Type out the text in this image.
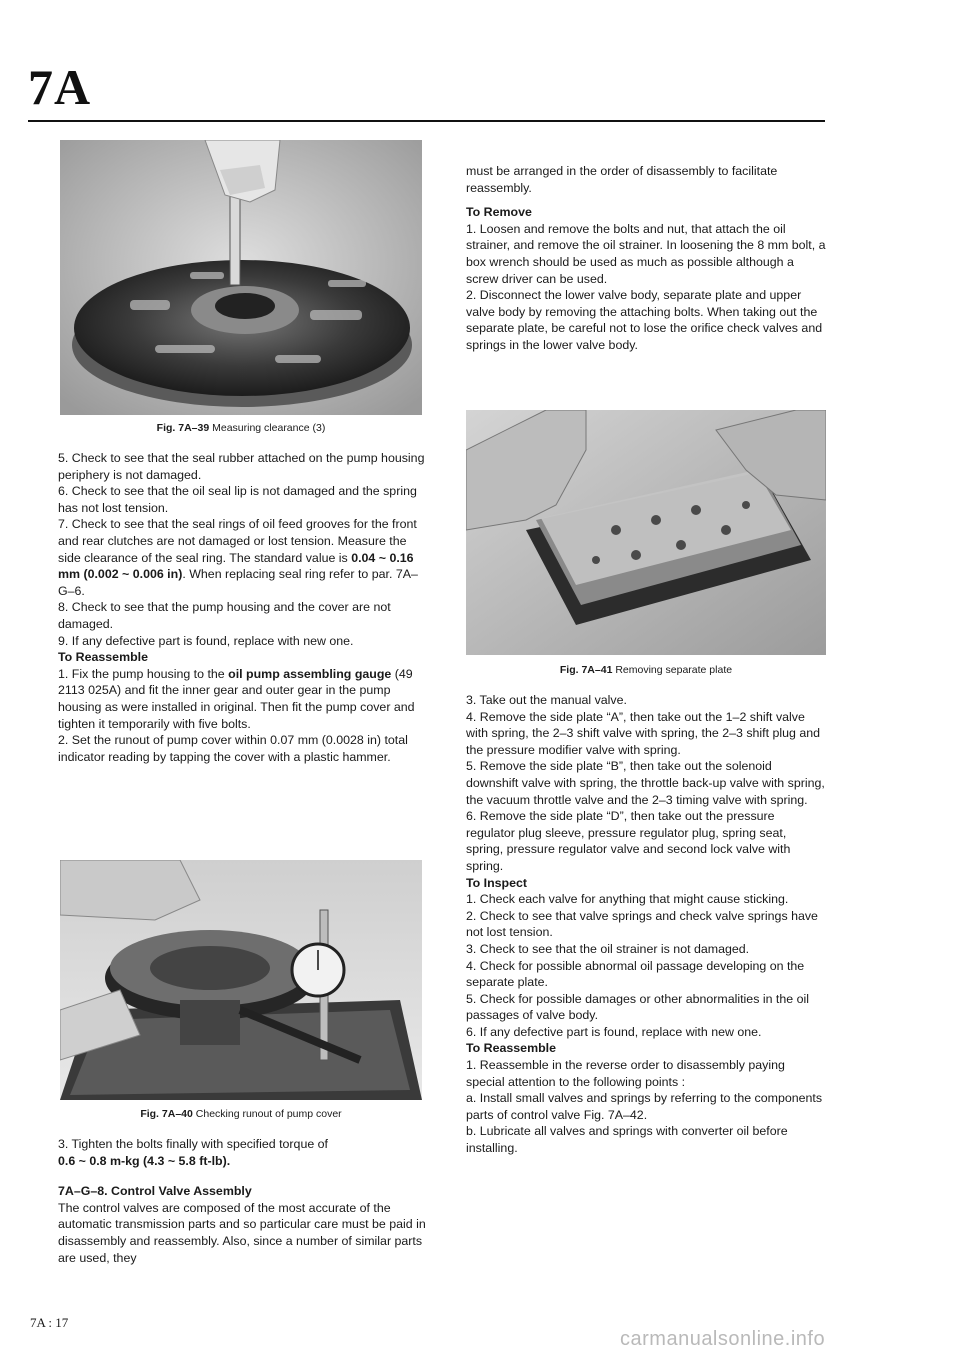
7A
Fig. 7A–39 Measuring clearance (3)

5. Check to see that the seal rubber attached on the pump housing periphery is not damaged.

6. Check to see that the oil seal lip is not damaged and the spring has not lost tension.

7. Check to see that the seal rings of oil feed grooves for the front and rear clutches are not damaged or lost tension. Measure the side clearance of the seal ring. The standard value is 0.04 ~ 0.16 mm (0.002 ~ 0.006 in). When replacing seal ring refer to par. 7A–G–6.

8. Check to see that the pump housing and the cover are not damaged.

9. If any defective part is found, replace with new one.

To Reassemble

1. Fix the pump housing to the oil pump assembling gauge (49 2113 025A) and fit the inner gear and outer gear in the pump housing as were installed in original. Then fit the pump cover and tighten it temporarily with five bolts.

2. Set the runout of pump cover within 0.07 mm (0.0028 in) total indicator reading by tapping the cover with a plastic hammer.

Fig. 7A–40 Checking runout of pump cover

3. Tighten the bolts finally with specified torque of

0.6 ~ 0.8 m-kg (4.3 ~ 5.8 ft-lb).

7A–G–8. Control Valve Assembly

The control valves are composed of the most accurate of the automatic transmission parts and so particular care must be paid in disassembly and reassembly. Also, since a number of similar parts are used, they

must be arranged in the order of disassembly to facilitate reassembly.

To Remove

1. Loosen and remove the bolts and nut, that attach the oil strainer, and remove the oil strainer. In loosening the 8 mm bolt, a box wrench should be used as much as possible although a screw driver can be used.

2. Disconnect the lower valve body, separate plate and upper valve body by removing the attaching bolts. When taking out the separate plate, be careful not to lose the orifice check valves and springs in the lower valve body.

Fig. 7A–41 Removing separate plate

3. Take out the manual valve.

4. Remove the side plate “A”, then take out the 1–2 shift valve with spring, the 2–3 shift valve with spring, the 2–3 shift plug and the pressure modifier valve with spring.

5. Remove the side plate “B”, then take out the solenoid downshift valve with spring, the throttle back-up valve with spring, the vacuum throttle valve and the 2–3 timing valve with spring.

6. Remove the side plate “D”, then take out the pressure regulator plug sleeve, pressure regulator plug, spring seat, spring, pressure regulator valve and second lock valve with spring.

To Inspect

1. Check each valve for anything that might cause sticking.

2. Check to see that valve springs and check valve springs have not lost tension.

3. Check to see that the oil strainer is not damaged.

4. Check for possible abnormal oil passage developing on the separate plate.

5. Check for possible damages or other abnormalities in the oil passages of valve body.

6. If any defective part is found, replace with new one.

To Reassemble

1. Reassemble in the reverse order to disassembly paying special attention to the following points :

a. Install small valves and springs by referring to the components parts of control valve Fig. 7A–42.

b. Lubricate all valves and springs with converter oil before installing.

7A : 17
carmanualsonline.info
